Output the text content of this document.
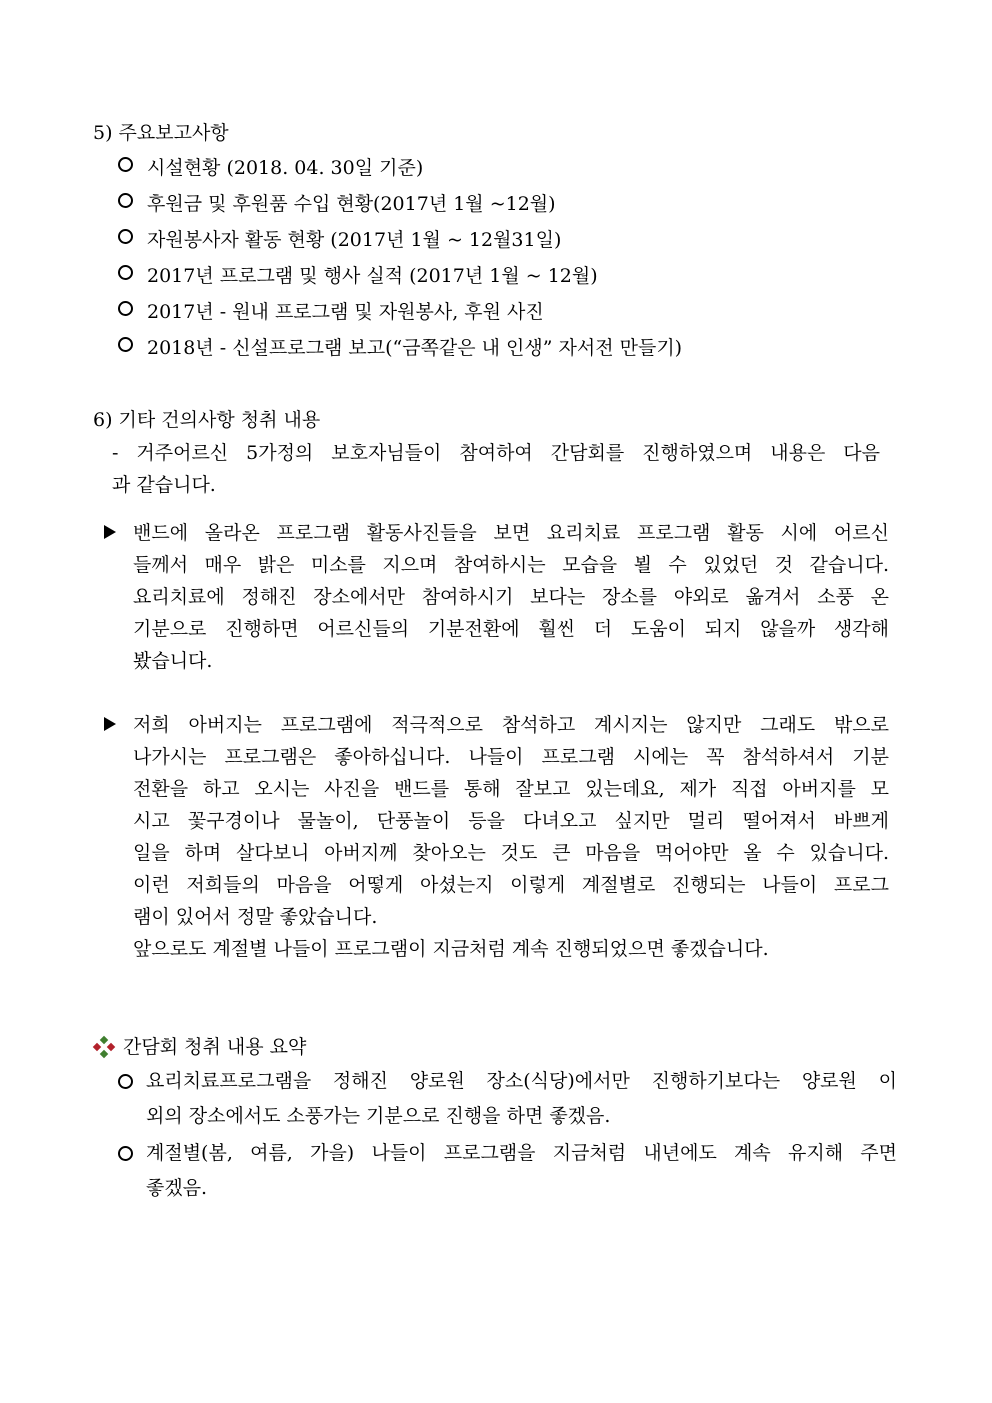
5) 주요보고사항
시설현황 (2018. 04. 30일 기준)
후원금 및 후원품 수입 현황(2017년 1월 ~12월)
자원봉사자 활동 현황 (2017년 1월 ~ 12월31일)
2017년 프로그램 및 행사 실적 (2017년 1월 ~ 12월)
2017년 - 원내 프로그램 및 자원봉사, 후원 사진
2018년 - 신설프로그램 보고(“금쪽같은 내 인생” 자서전 만들기)
6) 기타 건의사항 청취 내용
- 거주어르신 5가정의 보호자님들이 참여하여 간담회를 진행하였으며 내용은 다음
과 같습니다.
밴드에 올라온 프로그램 활동사진들을 보면 요리치료 프로그램 활동 시에 어르신
들께서 매우 밝은 미소를 지으며 참여하시는 모습을 뵐 수 있었던 것 같습니다.
요리치료에 정해진 장소에서만 참여하시기 보다는 장소를 야외로 옮겨서 소풍 온
기분으로 진행하면 어르신들의 기분전환에 훨씬 더 도움이 되지 않을까 생각해
봤습니다.
저희 아버지는 프로그램에 적극적으로 참석하고 계시지는 않지만 그래도 밖으로
나가시는 프로그램은 좋아하십니다. 나들이 프로그램 시에는 꼭 참석하셔서 기분
전환을 하고 오시는 사진을 밴드를 통해 잘보고 있는데요, 제가 직접 아버지를 모
시고 꽃구경이나 물놀이, 단풍놀이 등을 다녀오고 싶지만 멀리 떨어져서 바쁘게
일을 하며 살다보니 아버지께 찾아오는 것도 큰 마음을 먹어야만 올 수 있습니다.
이런 저희들의 마음을 어떻게 아셨는지 이렇게 계절별로 진행되는 나들이 프로그
램이 있어서 정말 좋았습니다.
앞으로도 계절별 나들이 프로그램이 지금처럼 계속 진행되었으면 좋겠습니다.
간담회 청취 내용 요약
요리치료프로그램을 정해진 양로원 장소(식당)에서만 진행하기보다는 양로원 이
외의 장소에서도 소풍가는 기분으로 진행을 하면 좋겠음.
계절별(봄, 여름, 가을) 나들이 프로그램을 지금처럼 내년에도 계속 유지해 주면
좋겠음.
